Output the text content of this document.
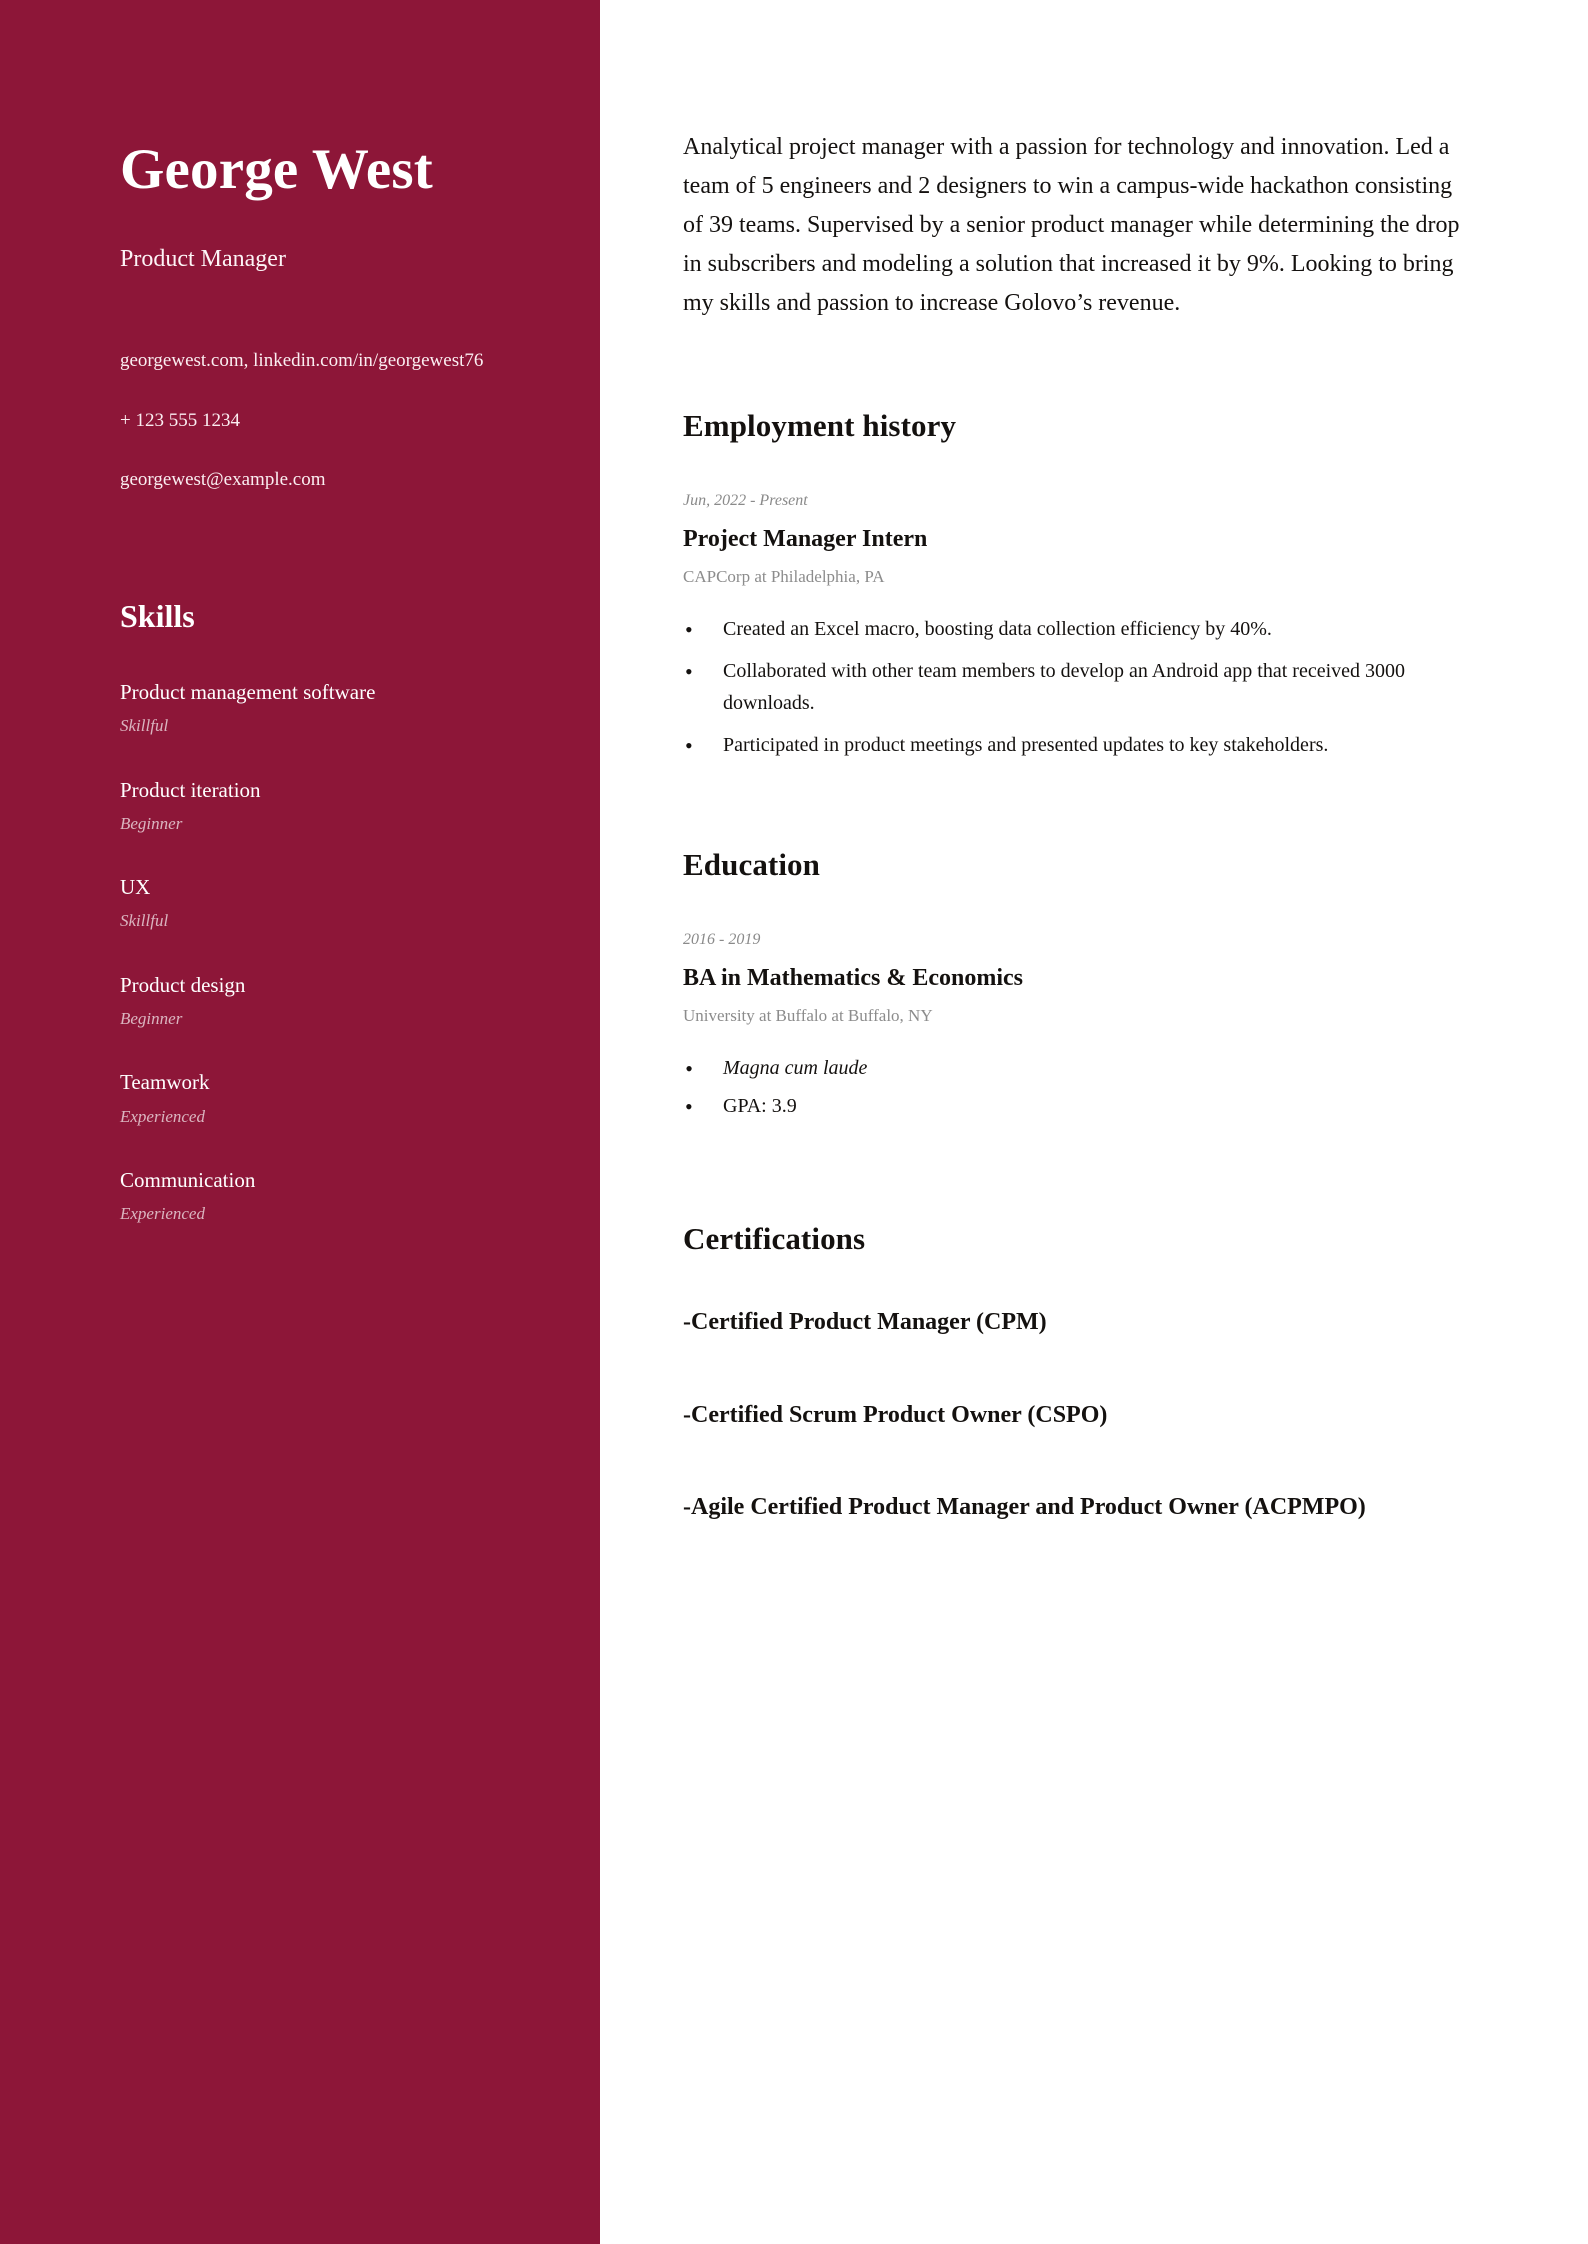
George West
Product Manager
georgewest.com, linkedin.com/in/georgewest76
+ 123 555 1234
georgewest@example.com
Skills
Product management software
Skillful
Product iteration
Beginner
UX
Skillful
Product design
Beginner
Teamwork
Experienced
Communication
Experienced

Analytical project manager with a passion for technology and innovation. Led a team of 5 engineers and 2 designers to win a campus-wide hackathon consisting of 39 teams. Supervised by a senior product manager while determining the drop in subscribers and modeling a solution that increased it by 9%. Looking to bring my skills and passion to increase Golovo’s revenue.

Employment history
Jun, 2022 - Present
Project Manager Intern
CAPCorp at Philadelphia, PA
• Created an Excel macro, boosting data collection efficiency by 40%.
• Collaborated with other team members to develop an Android app that received 3000 downloads.
• Participated in product meetings and presented updates to key stakeholders.
Education
2016 - 2019
BA in Mathematics & Economics
University at Buffalo at Buffalo, NY
• Magna cum laude
• GPA: 3.9
Certifications
-Certified Product Manager (CPM)
-Certified Scrum Product Owner (CSPO)
-Agile Certified Product Manager and Product Owner (ACPMPO)
